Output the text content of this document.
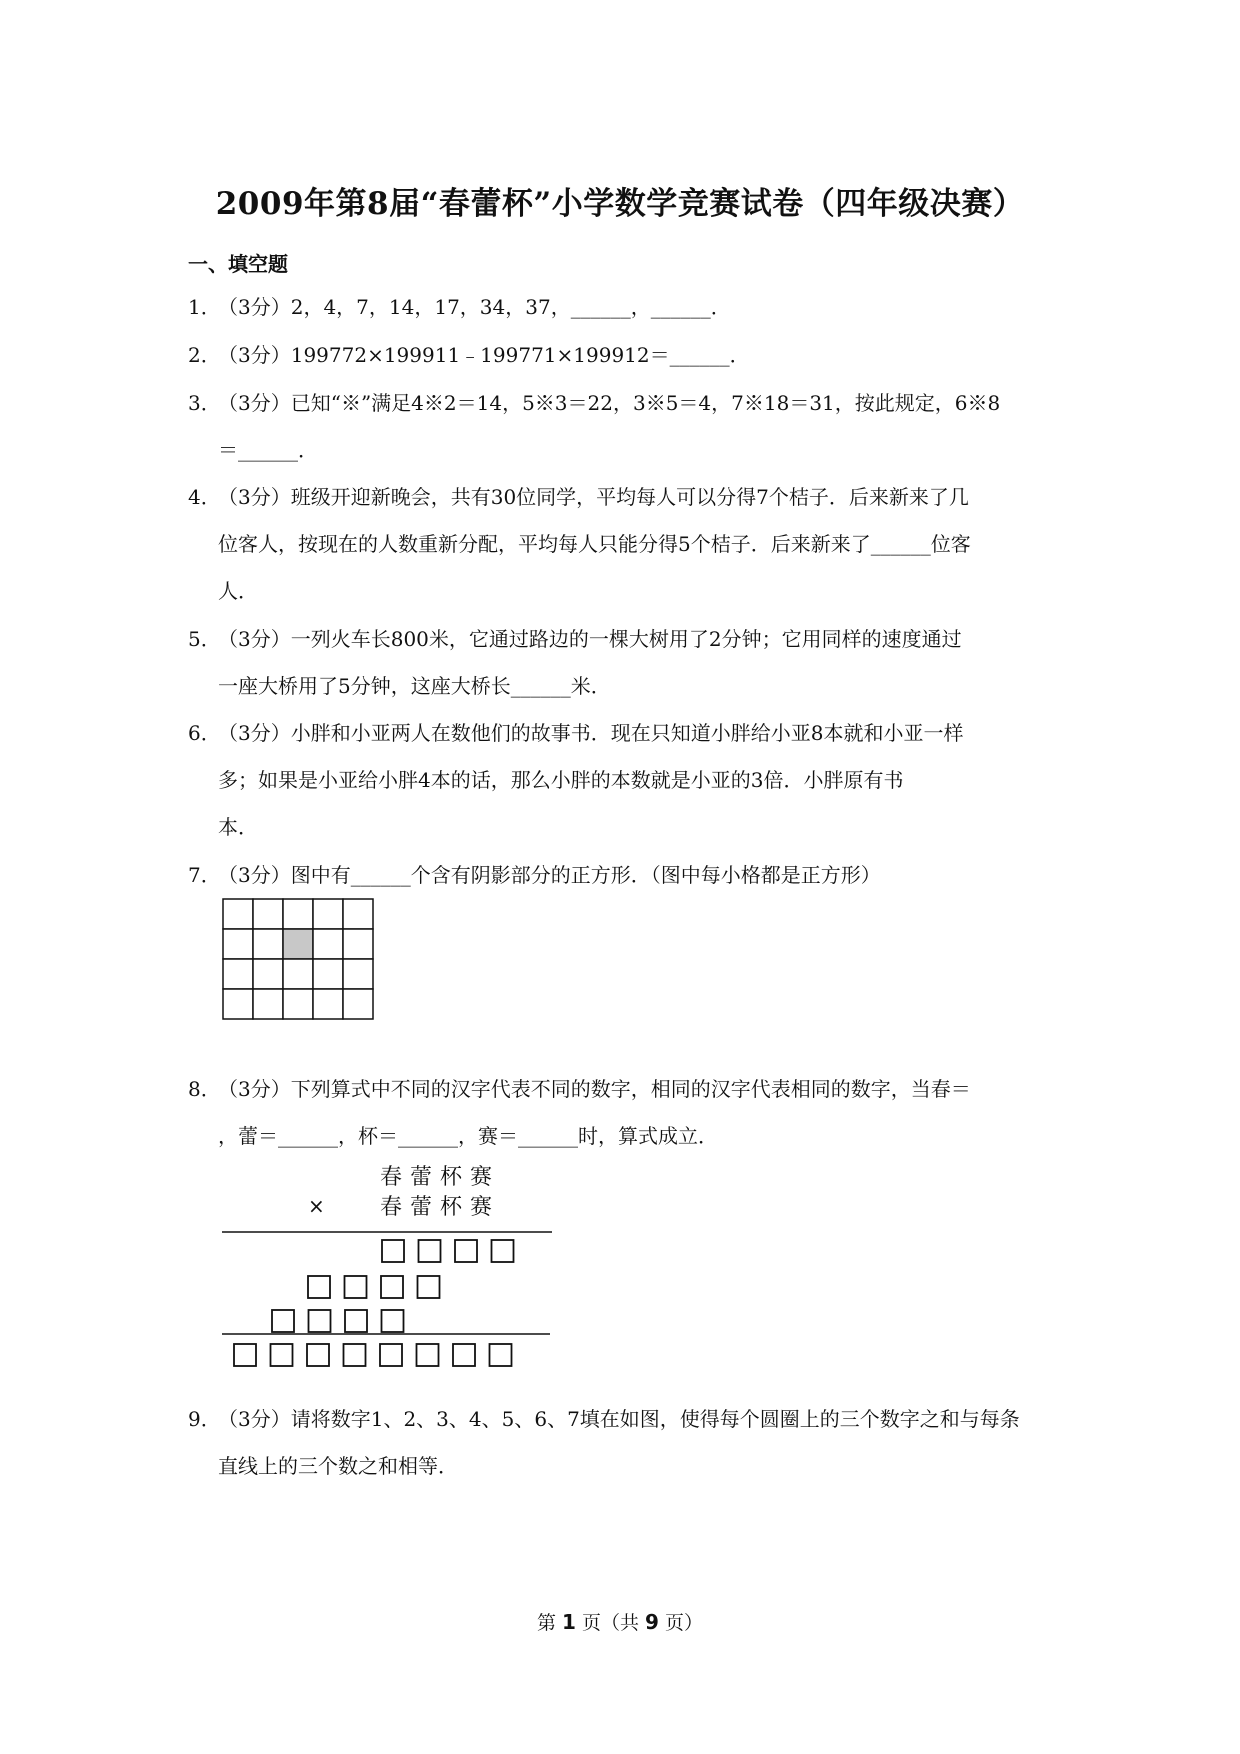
2009年第8届“春蕾杯”小学数学竞赛试卷（四年级决赛）
一、填空题
1．
（3分）2，4，7，14，17，34，37，______，______．
2．
（3分）199772×199911﹣199771×199912＝______．
3．
（3分）已知“※”满足4※2＝14，5※3＝22，3※5＝4，7※18＝31，按此规定，6※8
＝______．
4．
（3分）班级开迎新晚会，共有30位同学，平均每人可以分得7个桔子．后来新来了几
位客人，按现在的人数重新分配，平均每人只能分得5个桔子．后来新来了______位客
人．
5．
（3分）一列火车长800米，它通过路边的一棵大树用了2分钟；它用同样的速度通过
一座大桥用了5分钟，这座大桥长______米．
6．
（3分）小胖和小亚两人在数他们的故事书．现在只知道小胖给小亚8本就和小亚一样
多；如果是小亚给小胖4本的话，那么小胖的本数就是小亚的3倍．小胖原有书
本．
7．
（3分）图中有______个含有阴影部分的正方形．（图中每小格都是正方形）
8．
（3分）下列算式中不同的汉字代表不同的数字，相同的汉字代表相同的数字，当春＝
，蕾＝______，杯＝______，赛＝______时，算式成立．
9．
（3分）请将数字1、2、3、4、5、6、7填在如图，使得每个圆圈上的三个数字之和与每条
直线上的三个数之和相等．
春蕾杯赛
×	春蕾杯赛
第 1 页（共 9 页）
